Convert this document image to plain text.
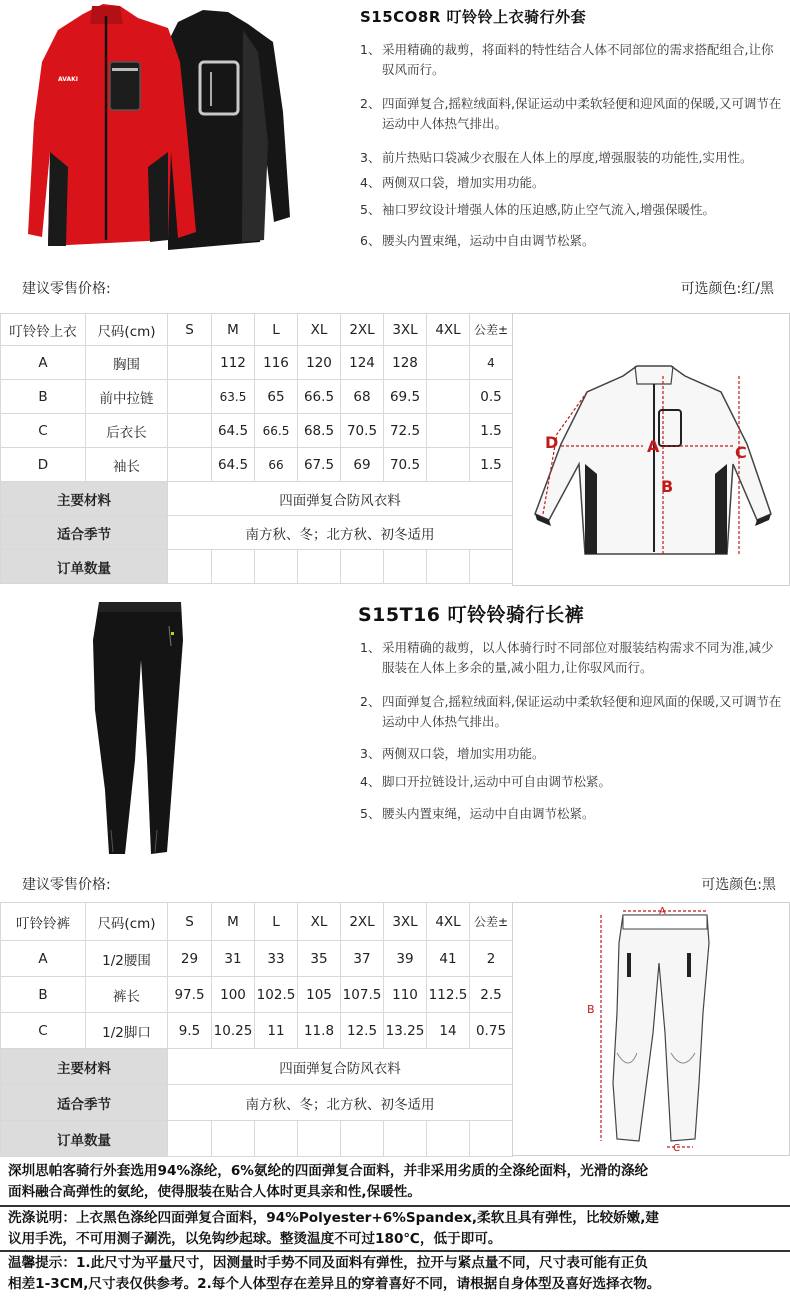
AVAKI
S15CO8R 叮铃铃上衣骑行外套
1、 采用精确的裁剪，将面料的特性结合人体不同部位的需求搭配组合,让你
驭风而行。
2、 四面弹复合,摇粒绒面料,保证运动中柔软轻便和迎风面的保暖,又可调节在
运动中人体热气排出。
3、 前片热贴口袋减少衣服在人体上的厚度,增强服装的功能性,实用性。
4、 两侧双口袋，增加实用功能。
5、 袖口罗纹设计增强人体的压迫感,防止空气流入,增强保暖性。
6、 腰头内置束绳，运动中自由调节松紧。
建议零售价格:	可选颜色:红/黑
叮铃铃上衣	尺码(cm)	S	M	L	XL	2XL	3XL	4XL	公差±
A	胸围		112	116	120	124	128		4
B	前中拉链		63.5	65	66.5	68	69.5		0.5
C	后衣长		64.5	66.5	68.5	70.5	72.5		1.5
D	袖长		64.5	66	67.5	69	70.5		1.5
主要材料		四面弹复合防风衣料							
适合季节		南方秋、冬；北方秋、初冬适用							
订单数量									
A
B
C
D
S15T16 叮铃铃骑行长裤
1、 采用精确的裁剪，以人体骑行时不同部位对服装结构需求不同为准,减少
服装在人体上多余的量,减小阻力,让你驭风而行。
2、 四面弹复合,摇粒绒面料,保证运动中柔软轻便和迎风面的保暖,又可调节在
运动中人体热气排出。
3、 两侧双口袋，增加实用功能。
4、 脚口开拉链设计,运动中可自由调节松紧。
5、 腰头内置束绳，运动中自由调节松紧。
建议零售价格:	可选颜色:黑
叮铃铃裤	尺码(cm)	S	M	L	XL	2XL	3XL	4XL	公差±
A	1/2腰围	29	31	33	35	37	39	41	2
B	裤长	97.5	100	102.5	105	107.5	110	112.5	2.5
C	1/2脚口	9.5	10.25	11	11.8	12.5	13.25	14	0.75
主要材料		四面弹复合防风衣料							
适合季节		南方秋、冬；北方秋、初冬适用							
订单数量									
A
B
C
深圳思帕客骑行外套选用94%涤纶，6%氨纶的四面弹复合面料，并非采用劣质的全涤纶面料，光滑的涤纶
面料融合高弹性的氨纶，使得服装在贴合人体时更具亲和性,保暖性。
洗涤说明：上衣黑色涤纶四面弹复合面料，94%Polyester+6%Spandex,柔软且具有弹性，比较娇嫩,建
议用手洗，不可用测子涮洗，以免钩纱起球。整烫温度不可过180℃，低于即可。
温馨提示：1.此尺寸为平量尺寸，因测量时手势不同及面料有弹性，拉开与紧点量不同，尺寸表可能有正负
相差1-3CM,尺寸表仅供参考。2.每个人体型存在差异且的穿着喜好不同，请根据自身体型及喜好选择衣物。
